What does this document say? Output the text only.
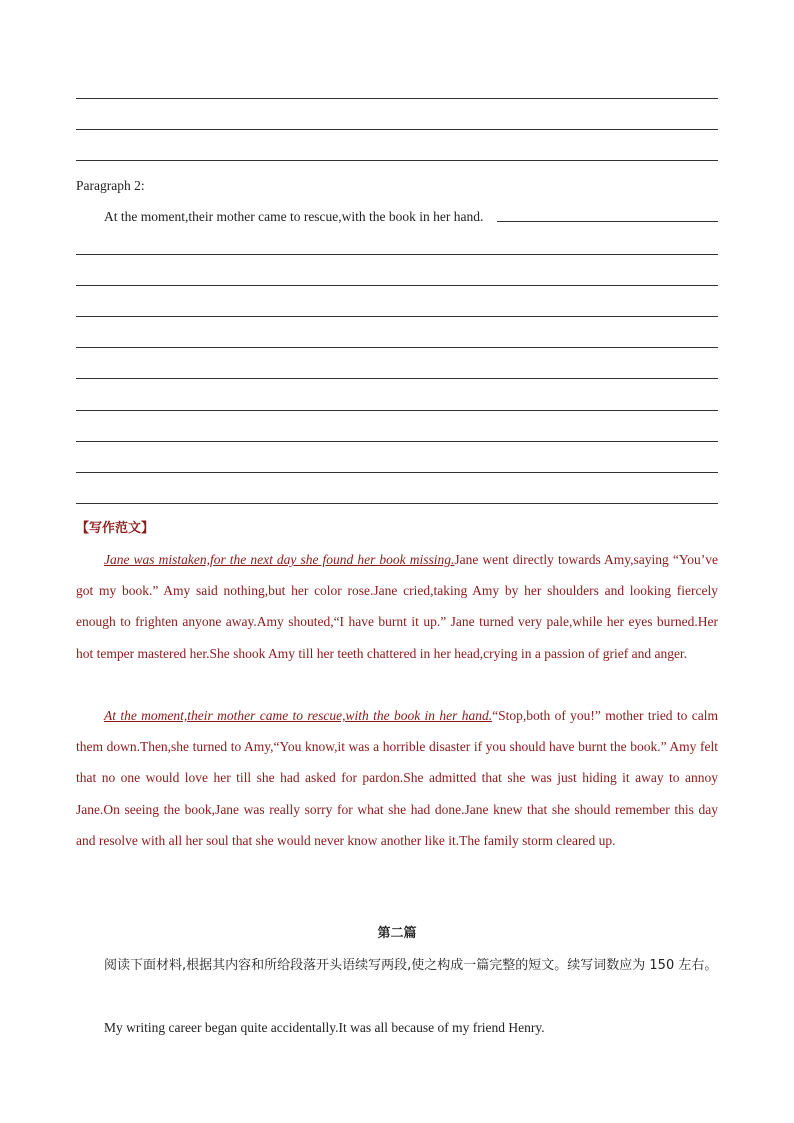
Paragraph 2:
At the moment,their mother came to rescue,with the book in her hand.
【写作范文】

Jane was mistaken,for the next day she found her book missing.Jane went directly towards Amy,saying “You’ve got my book.” Amy said nothing,but her color rose.Jane cried,taking Amy by her shoulders and looking fiercely enough to frighten anyone away.Amy shouted,“I have burnt it up.” Jane turned very pale,while her eyes burned.Her hot temper mastered her.She shook Amy till her teeth chattered in her head,crying in a passion of grief and anger.

At the moment,their mother came to rescue,with the book in her hand.“Stop,both of you!” mother tried to calm them down.Then,she turned to Amy,“You know,it was a horrible disaster if you should have burnt the book.” Amy felt that no one would love her till she had asked for pardon.She admitted that she was just hiding it away to annoy Jane.On seeing the book,Jane was really sorry for what she had done.Jane knew that she should remember this day and resolve with all her soul that she would never know another like it.The family storm cleared up.

第二篇

阅读下面材料,根据其内容和所给段落开头语续写两段,使之构成一篇完整的短文。续写词数应为 150 左右。

My writing career began quite accidentally.It was all because of my friend Henry.
